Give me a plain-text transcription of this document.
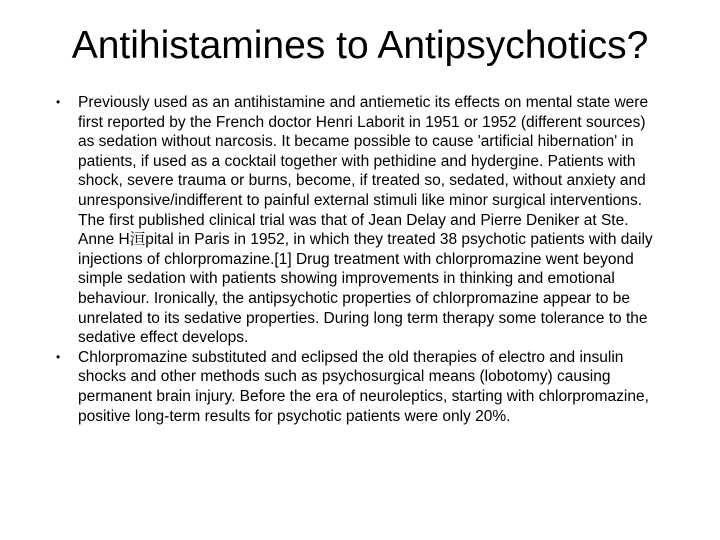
Antihistamines to Antipsychotics?
• Previously used as an antihistamine and antiemetic its effects on mental state were first reported by the French doctor Henri Laborit in 1951 or 1952 (different sources) as sedation without narcosis. It became possible to cause 'artificial hibernation' in patients, if used as a cocktail together with pethidine and hydergine. Patients with shock, severe trauma or burns, become, if treated so, sedated, without anxiety and unresponsive/indifferent to painful external stimuli like minor surgical interventions. The first published clinical trial was that of Jean Delay and Pierre Deniker at Ste. Anne H洹pital in Paris in 1952, in which they treated 38 psychotic patients with daily injections of chlorpromazine.[1] Drug treatment with chlorpromazine went beyond simple sedation with patients showing improvements in thinking and emotional behaviour. Ironically, the antipsychotic properties of chlorpromazine appear to be unrelated to its sedative properties. During long term therapy some tolerance to the sedative effect develops.
• Chlorpromazine substituted and eclipsed the old therapies of electro and insulin shocks and other methods such as psychosurgical means (lobotomy) causing permanent brain injury. Before the era of neuroleptics, starting with chlorpromazine, positive long-term results for psychotic patients were only 20%.
